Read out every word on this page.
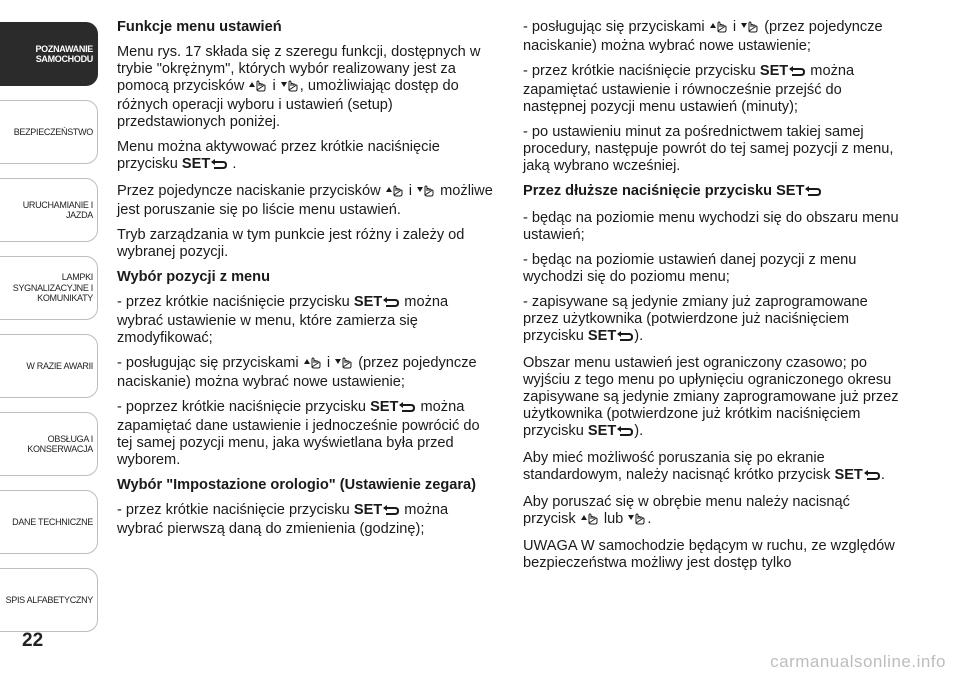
POZNAWANIE
SAMOCHODU
BEZPIECZEŃSTWO
URUCHAMIANIE I
JAZDA
LAMPKI
SYGNALIZACYJNE I
KOMUNIKATY
W RAZIE AWARII
OBSŁUGA I
KONSERWACJA
DANE TECHNICZNE
SPIS ALFABETYCZNY
22

Funkcje menu ustawień

Menu rys. 17 składa się z szeregu funkcji, dostępnych w trybie "okrężnym", których wybór realizowany jest za pomocą przycisków i , umożliwiając dostęp do różnych operacji wyboru i ustawień (setup) przedstawionych poniżej.

Menu można aktywować przez krótkie naciśnięcie przycisku SET .

Przez pojedyncze naciskanie przycisków i możliwe jest poruszanie się po liście menu ustawień.

Tryb zarządzania w tym punkcie jest różny i zależy od wybranej pozycji.

Wybór pozycji z menu

- przez krótkie naciśnięcie przycisku SET można wybrać ustawienie w menu, które zamierza się zmodyfikować;

- posługując się przyciskami i (przez pojedyncze naciskanie) można wybrać nowe ustawienie;

- poprzez krótkie naciśnięcie przycisku SET można zapamiętać dane ustawienie i jednocześnie powrócić do tej samej pozycji menu, jaka wyświetlana była przed wyborem.

Wybór "Impostazione orologio" (Ustawienie zegara)

- przez krótkie naciśnięcie przycisku SET można wybrać pierwszą daną do zmienienia (godzinę);

- posługując się przyciskami i (przez pojedyncze naciskanie) można wybrać nowe ustawienie;

- przez krótkie naciśnięcie przycisku SET można zapamiętać ustawienie i równocześnie przejść do następnej pozycji menu ustawień (minuty);

- po ustawieniu minut za pośrednictwem takiej samej procedury, następuje powrót do tej samej pozycji z menu, jaką wybrano wcześniej.

Przez dłuższe naciśnięcie przycisku SET

- będąc na poziomie menu wychodzi się do obszaru menu ustawień;

- będąc na poziomie ustawień danej pozycji z menu wychodzi się do poziomu menu;

- zapisywane są jedynie zmiany już zaprogramowane przez użytkownika (potwierdzone już naciśnięciem przycisku SET ).

Obszar menu ustawień jest ograniczony czasowo; po wyjściu z tego menu po upłynięciu ograniczonego okresu zapisywane są jedynie zmiany zaprogramowane już przez użytkownika (potwierdzone już krótkim naciśnięciem przycisku SET ).

Aby mieć możliwość poruszania się po ekranie standardowym, należy nacisnąć krótko przycisk SET .

Aby poruszać się w obrębie menu należy nacisnąć przycisk lub .

UWAGA W samochodzie będącym w ruchu, ze względów bezpieczeństwa możliwy jest dostęp tylko

carmanualsonline.info
